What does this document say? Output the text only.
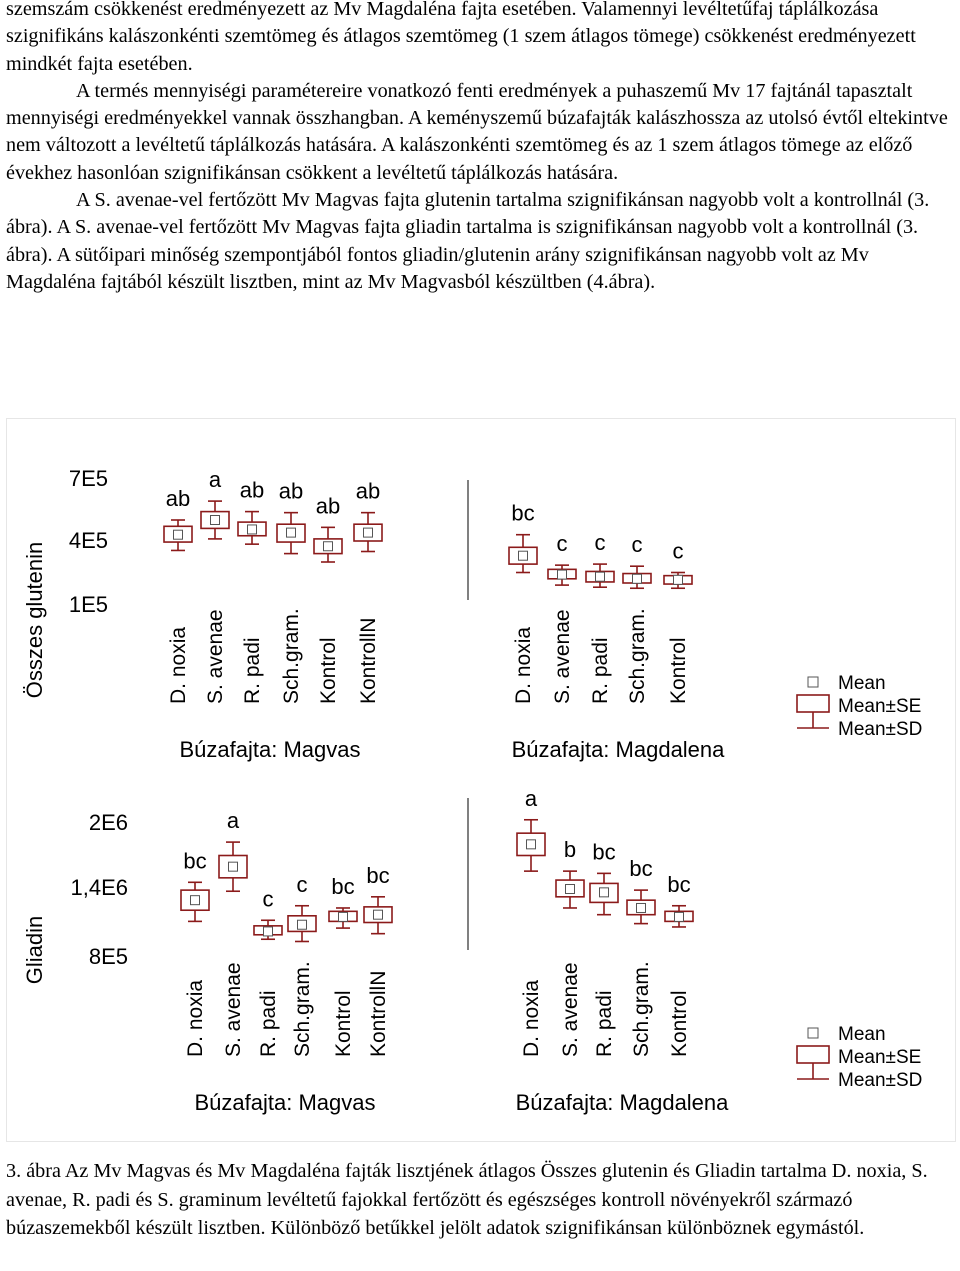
szemszám csökkenést eredményezett az Mv Magdaléna fajta esetében. Valamennyi levéltetűfaj táplálkozása szignifikáns kalászonkénti szemtömeg és átlagos szemtömeg (1 szem átlagos tömege) csökkenést eredményezett mindkét fajta esetében.

A termés mennyiségi paramétereire vonatkozó fenti eredmények a puhaszemű Mv 17 fajtánál tapasztalt mennyiségi eredményekkel vannak összhangban. A keményszemű búzafajták kalászhossza az utolsó évtől eltekintve nem változott a levéltetű táplálkozás hatására. A kalászonkénti szemtömeg és az 1 szem átlagos tömege az előző évekhez hasonlóan szignifikánsan csökkent a levéltetű táplálkozás hatására.

A S. avenae-vel fertőzött Mv Magvas fajta glutenin tartalma szignifikánsan nagyobb volt a kontrollnál (3. ábra). A S. avenae-vel fertőzött Mv Magvas fajta gliadin tartalma is szignifikánsan nagyobb volt a kontrollnál (3. ábra). A sütőipari minőség szempontjából fontos gliadin/glutenin arány szignifikánsan nagyobb volt az Mv Magdaléna fajtából készült lisztben, mint az Mv Magvasból készültben (4.ábra).

Összes glutenin
7E5
4E5
1E5
D. noxia
ab
S. avenae
a
R. padi
ab
Sch.gram.
ab
Kontrol
ab
KontrollN
ab
Búzafajta: Magvas
D. noxia
bc
S. avenae
c
R. padi
c
Sch.gram.
c
Kontrol
c
Búzafajta: Magdalena
Mean
Mean±SE
Mean±SD
Gliadin
2E6
1,4E6
8E5
D. noxia
bc
S. avenae
a
R. padi
c
Sch.gram.
c
Kontrol
bc
KontrollN
bc
Búzafajta: Magvas
D. noxia
a
S. avenae
b
R. padi
bc
Sch.gram.
bc
Kontrol
bc
Búzafajta: Magdalena
Mean
Mean±SE
Mean±SD

3. ábra Az Mv Magvas és Mv Magdaléna fajták lisztjének átlagos Összes glutenin és Gliadin tartalma D. noxia, S. avenae, R. padi és S. graminum levéltetű fajokkal fertőzött és egészséges kontroll növényekről származó búzaszemekből készült lisztben. Különböző betűkkel jelölt adatok szignifikánsan különböznek egymástól.
